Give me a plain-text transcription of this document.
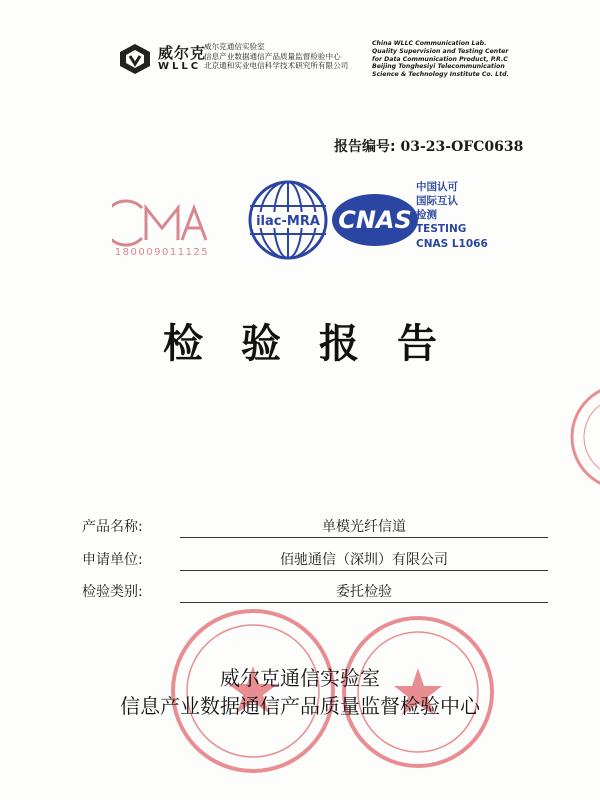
威尔克
WLLC
威尔克通信实验室
信息产业数据通信产品质量监督检验中心
北京通和实业电信科学技术研究所有限公司
China WLLC Communication Lab.
Quality Supervision and Testing Center
for Data Communication Product, P.R.C
Beijing Tonghesiyi Telecommunication
Science & Technology Institute Co. Ltd.
报告编号: 03-23-OFC0638
180009011125
ilac-MRA CNAS
中国认可
国际互认
检测
TESTING
CNAS L1066
检验报告
产品名称:	单模光纤信道
申请单位:	佰驰通信（深圳）有限公司
检验类别:	委托检验
威尔克通信实验室
信息产业数据通信产品质量监督检验中心
